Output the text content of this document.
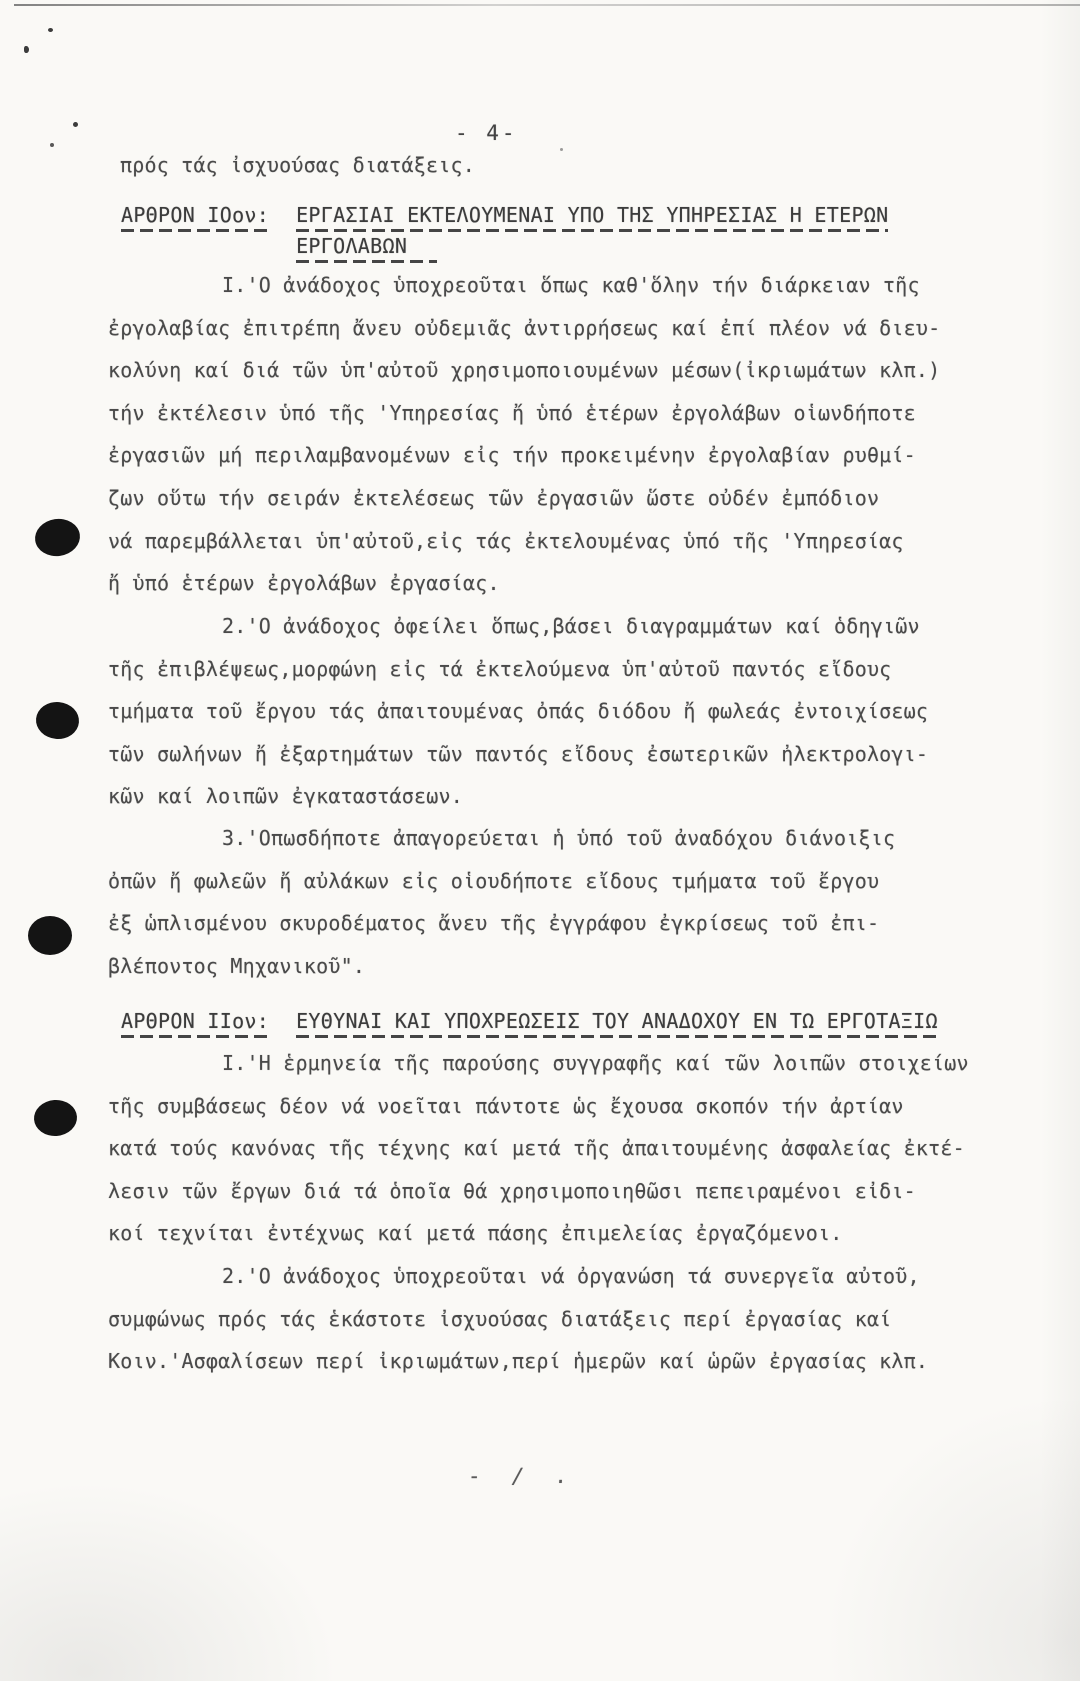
- 4-
πρός τάς ἰσχυούσας διατάξεις.
ΑΡΘΡΟΝ ΙΟον: ΕΡΓΑΣΙΑΙ ΕΚΤΕΛΟΥΜΕΝΑΙ ΥΠΟ ΤΗΣ ΥΠΗΡΕΣΙΑΣ Η ΕΤΕΡΩΝ
ΕΡΓΟΛΑΒΩΝ
Ι.'Ο ἀνάδοχος ὑποχρεοῦται ὅπως καθ'ὅλην τήν διάρκειαν τῆς
ἐργολαβίας ἐπιτρέπη ἄνευ οὐδεμιᾶς ἀντιρρήσεως καί ἐπί πλέον νά διευ-
κολύνη καί διά τῶν ὑπ'αὐτοῦ χρησιμοποιουμένων μέσων(ἰκριωμάτων κλπ.)
τήν ἐκτέλεσιν ὑπό τῆς 'Υπηρεσίας ἤ ὑπό ἑτέρων ἐργολάβων οἱωνδήποτε
ἐργασιῶν μή περιλαμβανομένων εἰς τήν προκειμένην ἐργολαβίαν ρυθμί-
ζων οὕτω τήν σειράν ἐκτελέσεως τῶν ἐργασιῶν ὥστε οὐδέν ἐμπόδιον
νά παρεμβάλλεται ὑπ'αὐτοῦ,εἰς τάς ἐκτελουμένας ὑπό τῆς 'Υπηρεσίας
ἤ ὑπό ἑτέρων ἐργολάβων ἐργασίας.
2.'Ο ἀνάδοχος ὀφείλει ὅπως,βάσει διαγραμμάτων καί ὁδηγιῶν
τῆς ἐπιβλέψεως,μορφώνη εἰς τά ἐκτελούμενα ὑπ'αὐτοῦ παντός εἴδους
τμήματα τοῦ ἔργου τάς ἀπαιτουμένας ὀπάς διόδου ἤ φωλεάς ἐντοιχίσεως
τῶν σωλήνων ἤ ἐξαρτημάτων τῶν παντός εἴδους ἐσωτερικῶν ἠλεκτρολογι-
κῶν καί λοιπῶν ἐγκαταστάσεων.
3.'Οπωσδήποτε ἀπαγορεύεται ἡ ὑπό τοῦ ἀναδόχου διάνοιξις
ὀπῶν ἤ φωλεῶν ἤ αὐλάκων εἰς οἱουδήποτε εἴδους τμήματα τοῦ ἔργου
ἐξ ὡπλισμένου σκυροδέματος ἄνευ τῆς ἐγγράφου ἐγκρίσεως τοῦ ἐπι-
βλέποντος Μηχανικοῦ".
ΑΡΘΡΟΝ ΙΙον: ΕΥΘΥΝΑΙ ΚΑΙ ΥΠΟΧΡΕΩΣΕΙΣ ΤΟΥ ΑΝΑΔΟΧΟΥ ΕΝ ΤΩ ΕΡΓΟΤΑΞΙΩ
Ι.'Η ἑρμηνεία τῆς παρούσης συγγραφῆς καί τῶν λοιπῶν στοιχείων
τῆς συμβάσεως δέον νά νοεῖται πάντοτε ὡς ἔχουσα σκοπόν τήν ἀρτίαν
κατά τούς κανόνας τῆς τέχνης καί μετά τῆς ἀπαιτουμένης ἀσφαλείας ἐκτέ-
λεσιν τῶν ἔργων διά τά ὁποῖα θά χρησιμοποιηθῶσι πεπειραμένοι εἰδι-
κοί τεχνίται ἐντέχνως καί μετά πάσης ἐπιμελείας ἐργαζόμενοι.
2.'Ο ἀνάδοχος ὑποχρεοῦται νά ὀργανώση τά συνεργεῖα αὐτοῦ,
συμφώνως πρός τάς ἑκάστοτε ἰσχυούσας διατάξεις περί ἐργασίας καί
Κοιν.'Ασφαλίσεων περί ἰκριωμάτων,περί ἡμερῶν καί ὡρῶν ἐργασίας κλπ.
- / .
